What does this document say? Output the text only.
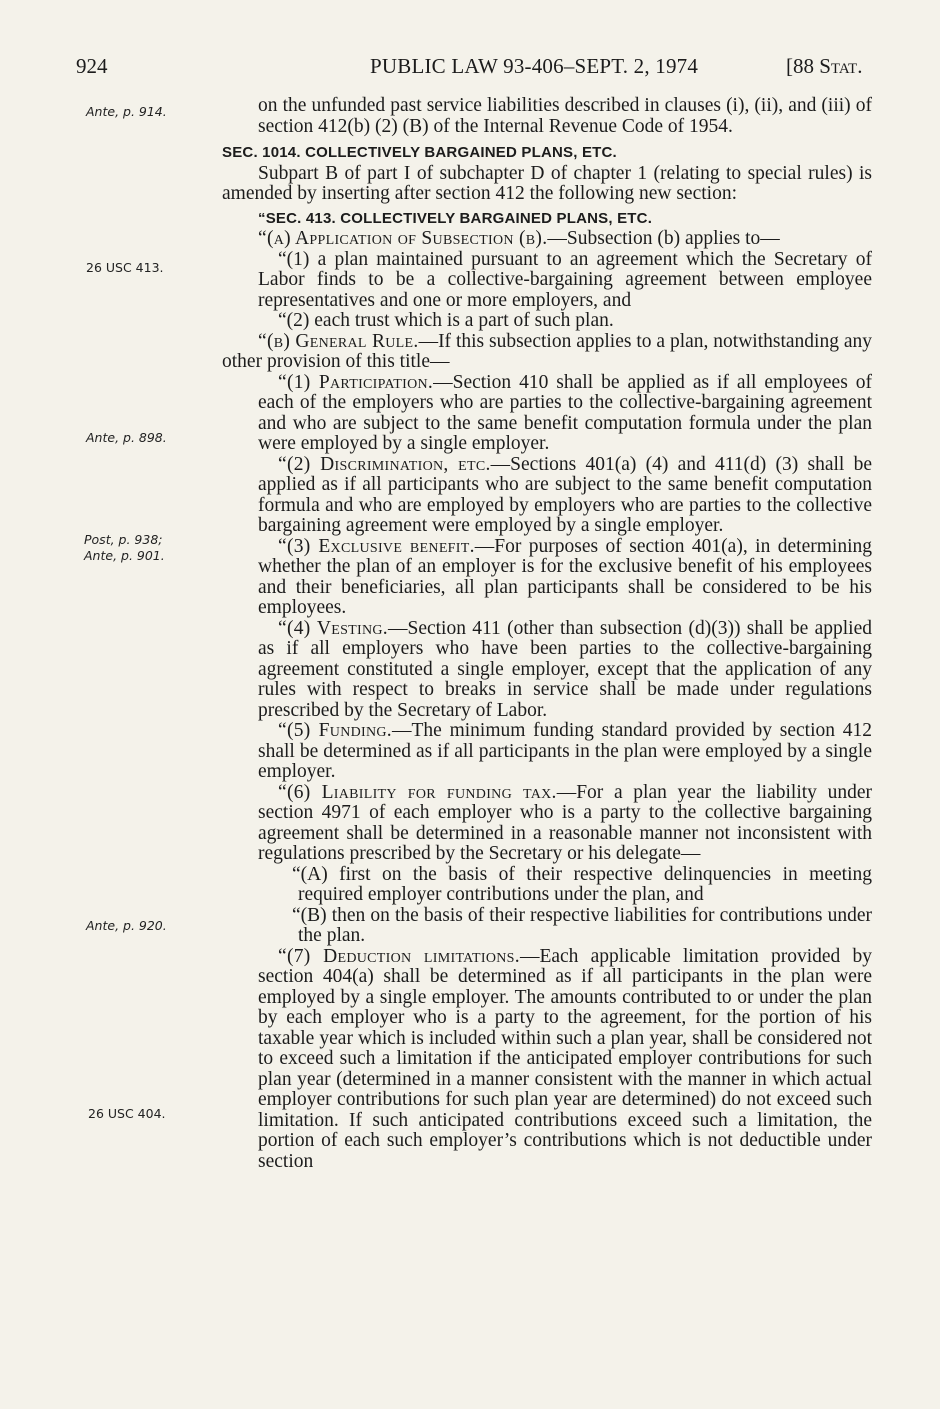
924	PUBLIC LAW 93-406–SEPT. 2, 1974	[88 Stat.
Ante, p. 914.
26 USC 413.
Ante, p. 898.
Post, p. 938;
Ante, p. 901.
Ante, p. 920.
26 USC 404.

on the unfunded past service liabilities described in clauses (i), (ii), and (iii) of section 412(b) (2) (B) of the Internal Revenue Code of 1954.

SEC. 1014. COLLECTIVELY BARGAINED PLANS, ETC.

Subpart B of part I of subchapter D of chapter 1 (relating to special rules) is amended by inserting after section 412 the following new section:

“SEC. 413. COLLECTIVELY BARGAINED PLANS, ETC.

“(a) Application of Subsection (b).—Subsection (b) applies to—

“(1) a plan maintained pursuant to an agreement which the Secretary of Labor finds to be a collective-bargaining agreement between employee representatives and one or more employers, and

“(2) each trust which is a part of such plan.

“(b) General Rule.—If this subsection applies to a plan, notwithstanding any other provision of this title—

“(1) Participation.—Section 410 shall be applied as if all employees of each of the employers who are parties to the collective-bargaining agreement and who are subject to the same benefit computation formula under the plan were employed by a single employer.

“(2) Discrimination, etc.—Sections 401(a) (4) and 411(d) (3) shall be applied as if all participants who are subject to the same benefit computation formula and who are employed by employers who are parties to the collective bargaining agreement were employed by a single employer.

“(3) Exclusive benefit.—For purposes of section 401(a), in determining whether the plan of an employer is for the exclusive benefit of his employees and their beneficiaries, all plan participants shall be considered to be his employees.

“(4) Vesting.—Section 411 (other than subsection (d)(3)) shall be applied as if all employers who have been parties to the collective-bargaining agreement constituted a single employer, except that the application of any rules with respect to breaks in service shall be made under regulations prescribed by the Secretary of Labor.

“(5) Funding.—The minimum funding standard provided by section 412 shall be determined as if all participants in the plan were employed by a single employer.

“(6) Liability for funding tax.—For a plan year the liability under section 4971 of each employer who is a party to the collective bargaining agreement shall be determined in a reasonable manner not inconsistent with regulations prescribed by the Secretary or his delegate—

“(A) first on the basis of their respective delinquencies in meeting required employer contributions under the plan, and

“(B) then on the basis of their respective liabilities for contributions under the plan.

“(7) Deduction limitations.—Each applicable limitation provided by section 404(a) shall be determined as if all participants in the plan were employed by a single employer. The amounts contributed to or under the plan by each employer who is a party to the agreement, for the portion of his taxable year which is included within such a plan year, shall be considered not to exceed such a limitation if the anticipated employer contributions for such plan year (determined in a manner consistent with the manner in which actual employer contributions for such plan year are determined) do not exceed such limitation. If such anticipated contributions exceed such a limitation, the portion of each such employer’s contributions which is not deductible under section
